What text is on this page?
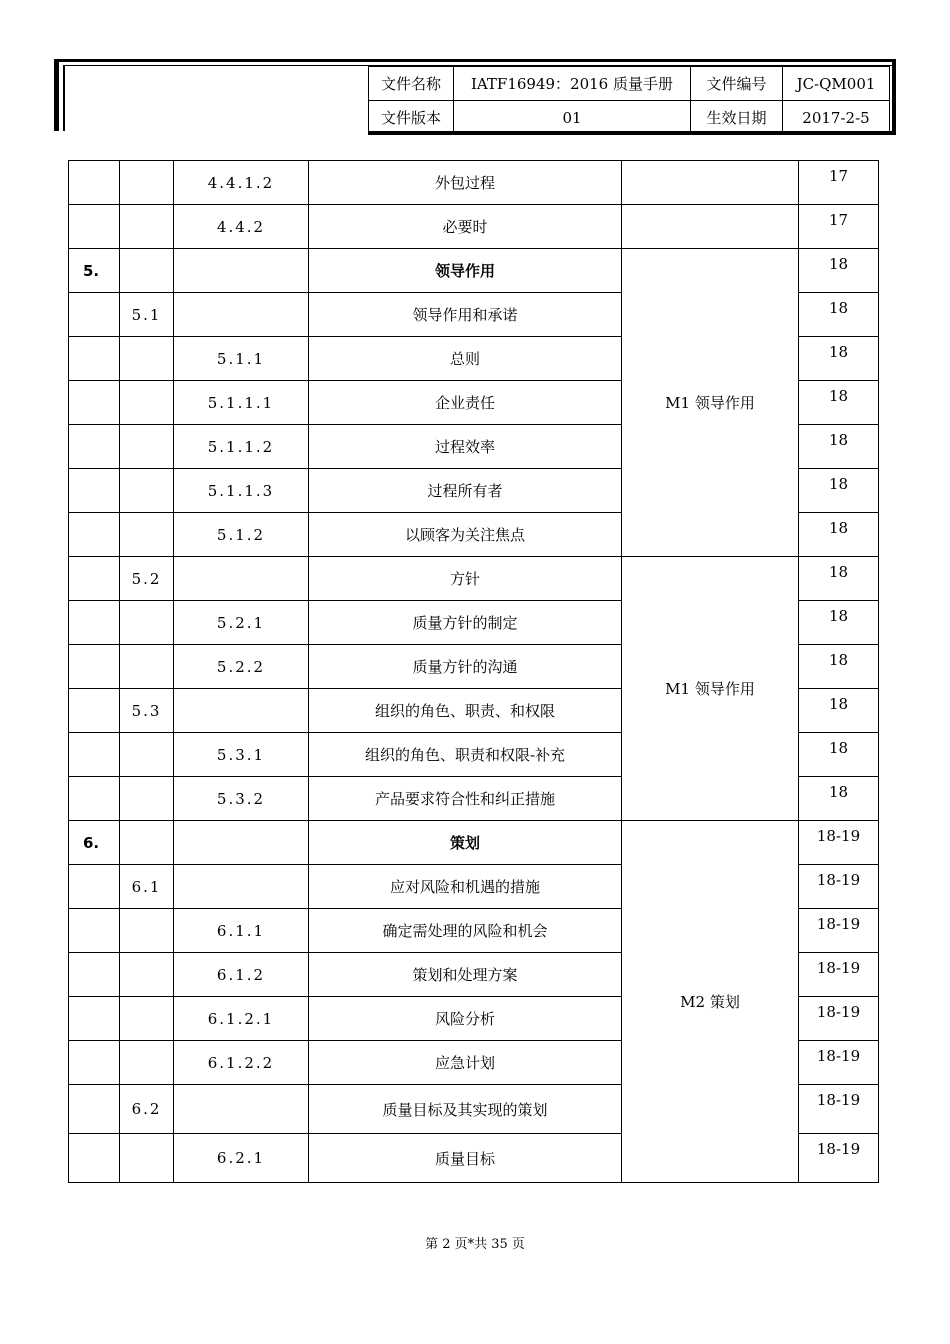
文件名称	IATF16949：2016 质量手册	文件编号	JC-QM001
文件版本	01	生效日期	2017-2-5
		4.4.1.2	外包过程		17
		4.4.2	必要时		17
5.			领导作用	M1 领导作用	18
	5.1		领导作用和承诺		18
		5.1.1	总则		18
		5.1.1.1	企业责任		18
		5.1.1.2	过程效率		18
		5.1.1.3	过程所有者		18
		5.1.2	以顾客为关注焦点		18
	5.2		方针	M1 领导作用	18
		5.2.1	质量方针的制定		18
		5.2.2	质量方针的沟通		18
	5.3		组织的角色、职责、和权限		18
		5.3.1	组织的角色、职责和权限-补充		18
		5.3.2	产品要求符合性和纠正措施		18
6.			策划	M2 策划	18-19
	6.1		应对风险和机遇的措施		18-19
		6.1.1	确定需处理的风险和机会		18-19
		6.1.2	策划和处理方案		18-19
		6.1.2.1	风险分析		18-19
		6.1.2.2	应急计划		18-19
	6.2		质量目标及其实现的策划		18-19
		6.2.1	质量目标		18-19
第 2 页*共 35 页
